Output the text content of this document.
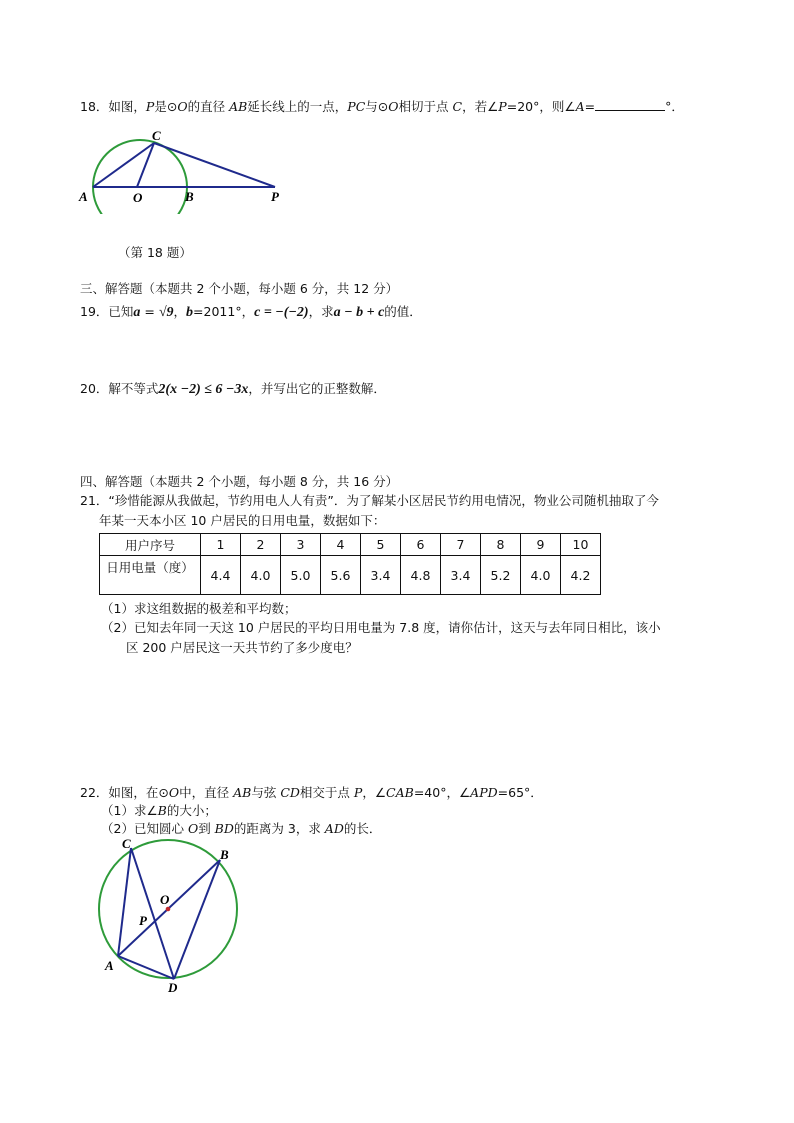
18．如图，P是⊙O的直径 AB延长线上的一点，PC与⊙O相切于点 C，若∠P=20°，则∠A=	°．
C
A	O	B	P
（第 18 题）
三、解答题（本题共 2 个小题，每小题 6 分，共 12 分）
19．已知a = √9，b=2011°，c = −(−2)，求a − b + c的值．
20．解不等式2(x −2) ≤ 6 −3x，并写出它的正整数解．
四、解答题（本题共 2 个小题，每小题 8 分，共 16 分）
21．“珍惜能源从我做起，节约用电人人有责”．为了解某小区居民节约用电情况，物业公司随机抽取了今
年某一天本小区 10 户居民的日用电量，数据如下：
用户序号	1	2	3	4	5	6	7	8	9	10
日用电量（度）	4.4	4.0	5.0	5.6	3.4	4.8	3.4	5.2	4.0	4.2
（1）求这组数据的极差和平均数；
（2）已知去年同一天这 10 户居民的平均日用电量为 7.8 度，请你估计，这天与去年同日相比，该小
区 200 户居民这一天共节约了多少度电？
22．如图，在⊙O中，直径 AB与弦 CD相交于点 P，∠CAB=40°，∠APD=65°．
（1）求∠B的大小；
（2）已知圆心 O到 BD的距离为 3，求 AD的长．
C
B
O
P
A
D
